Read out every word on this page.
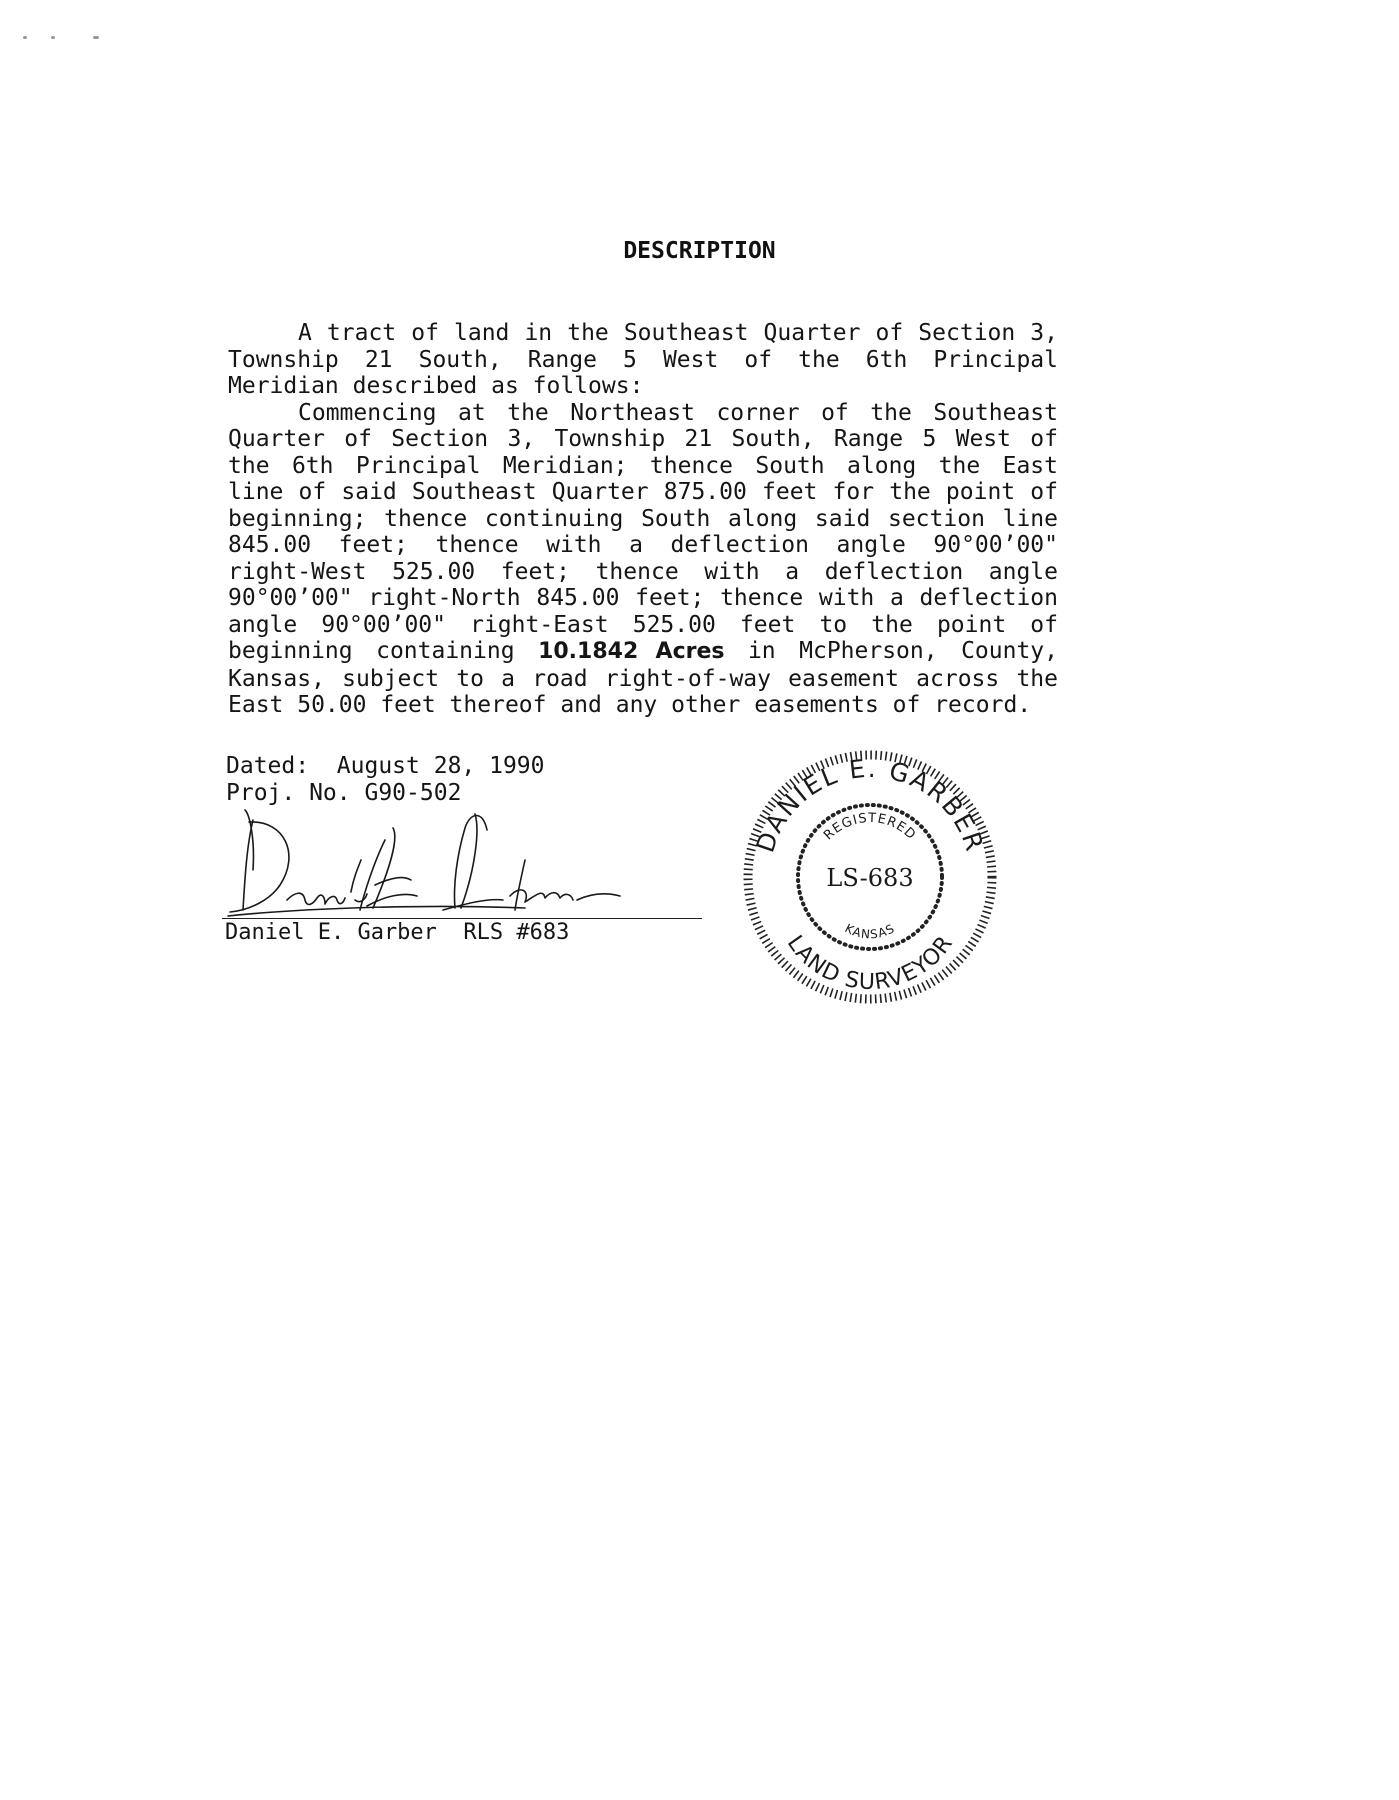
DESCRIPTION

A tract of land in the Southeast Quarter of Section 3, Township 21 South, Range 5 West of the 6th Principal Meridian described as follows:

Commencing at the Northeast corner of the Southeast Quarter of Section 3, Township 21 South, Range 5 West of the 6th Principal Meridian; thence South along the East line of said Southeast Quarter 875.00 feet for the point of beginning; thence continuing South along said section line 845.00 feet; thence with a deflection angle 90°00’00" right-West 525.00 feet; thence with a deflection angle 90°00’00" right-North 845.00 feet; thence with a deflection angle 90°00’00" right-East 525.00 feet to the point of beginning containing 10.1842 Acres in McPherson, County, Kansas, subject to a road right-of-way easement across the East 50.00 feet thereof and any other easements of record.

Dated: August 28, 1990
Proj. No. G90-502
Daniel E. Garber RLS #683
DANIEL E. GARBER
LAND SURVEYOR
REGISTERED
KANSAS
LS-683
